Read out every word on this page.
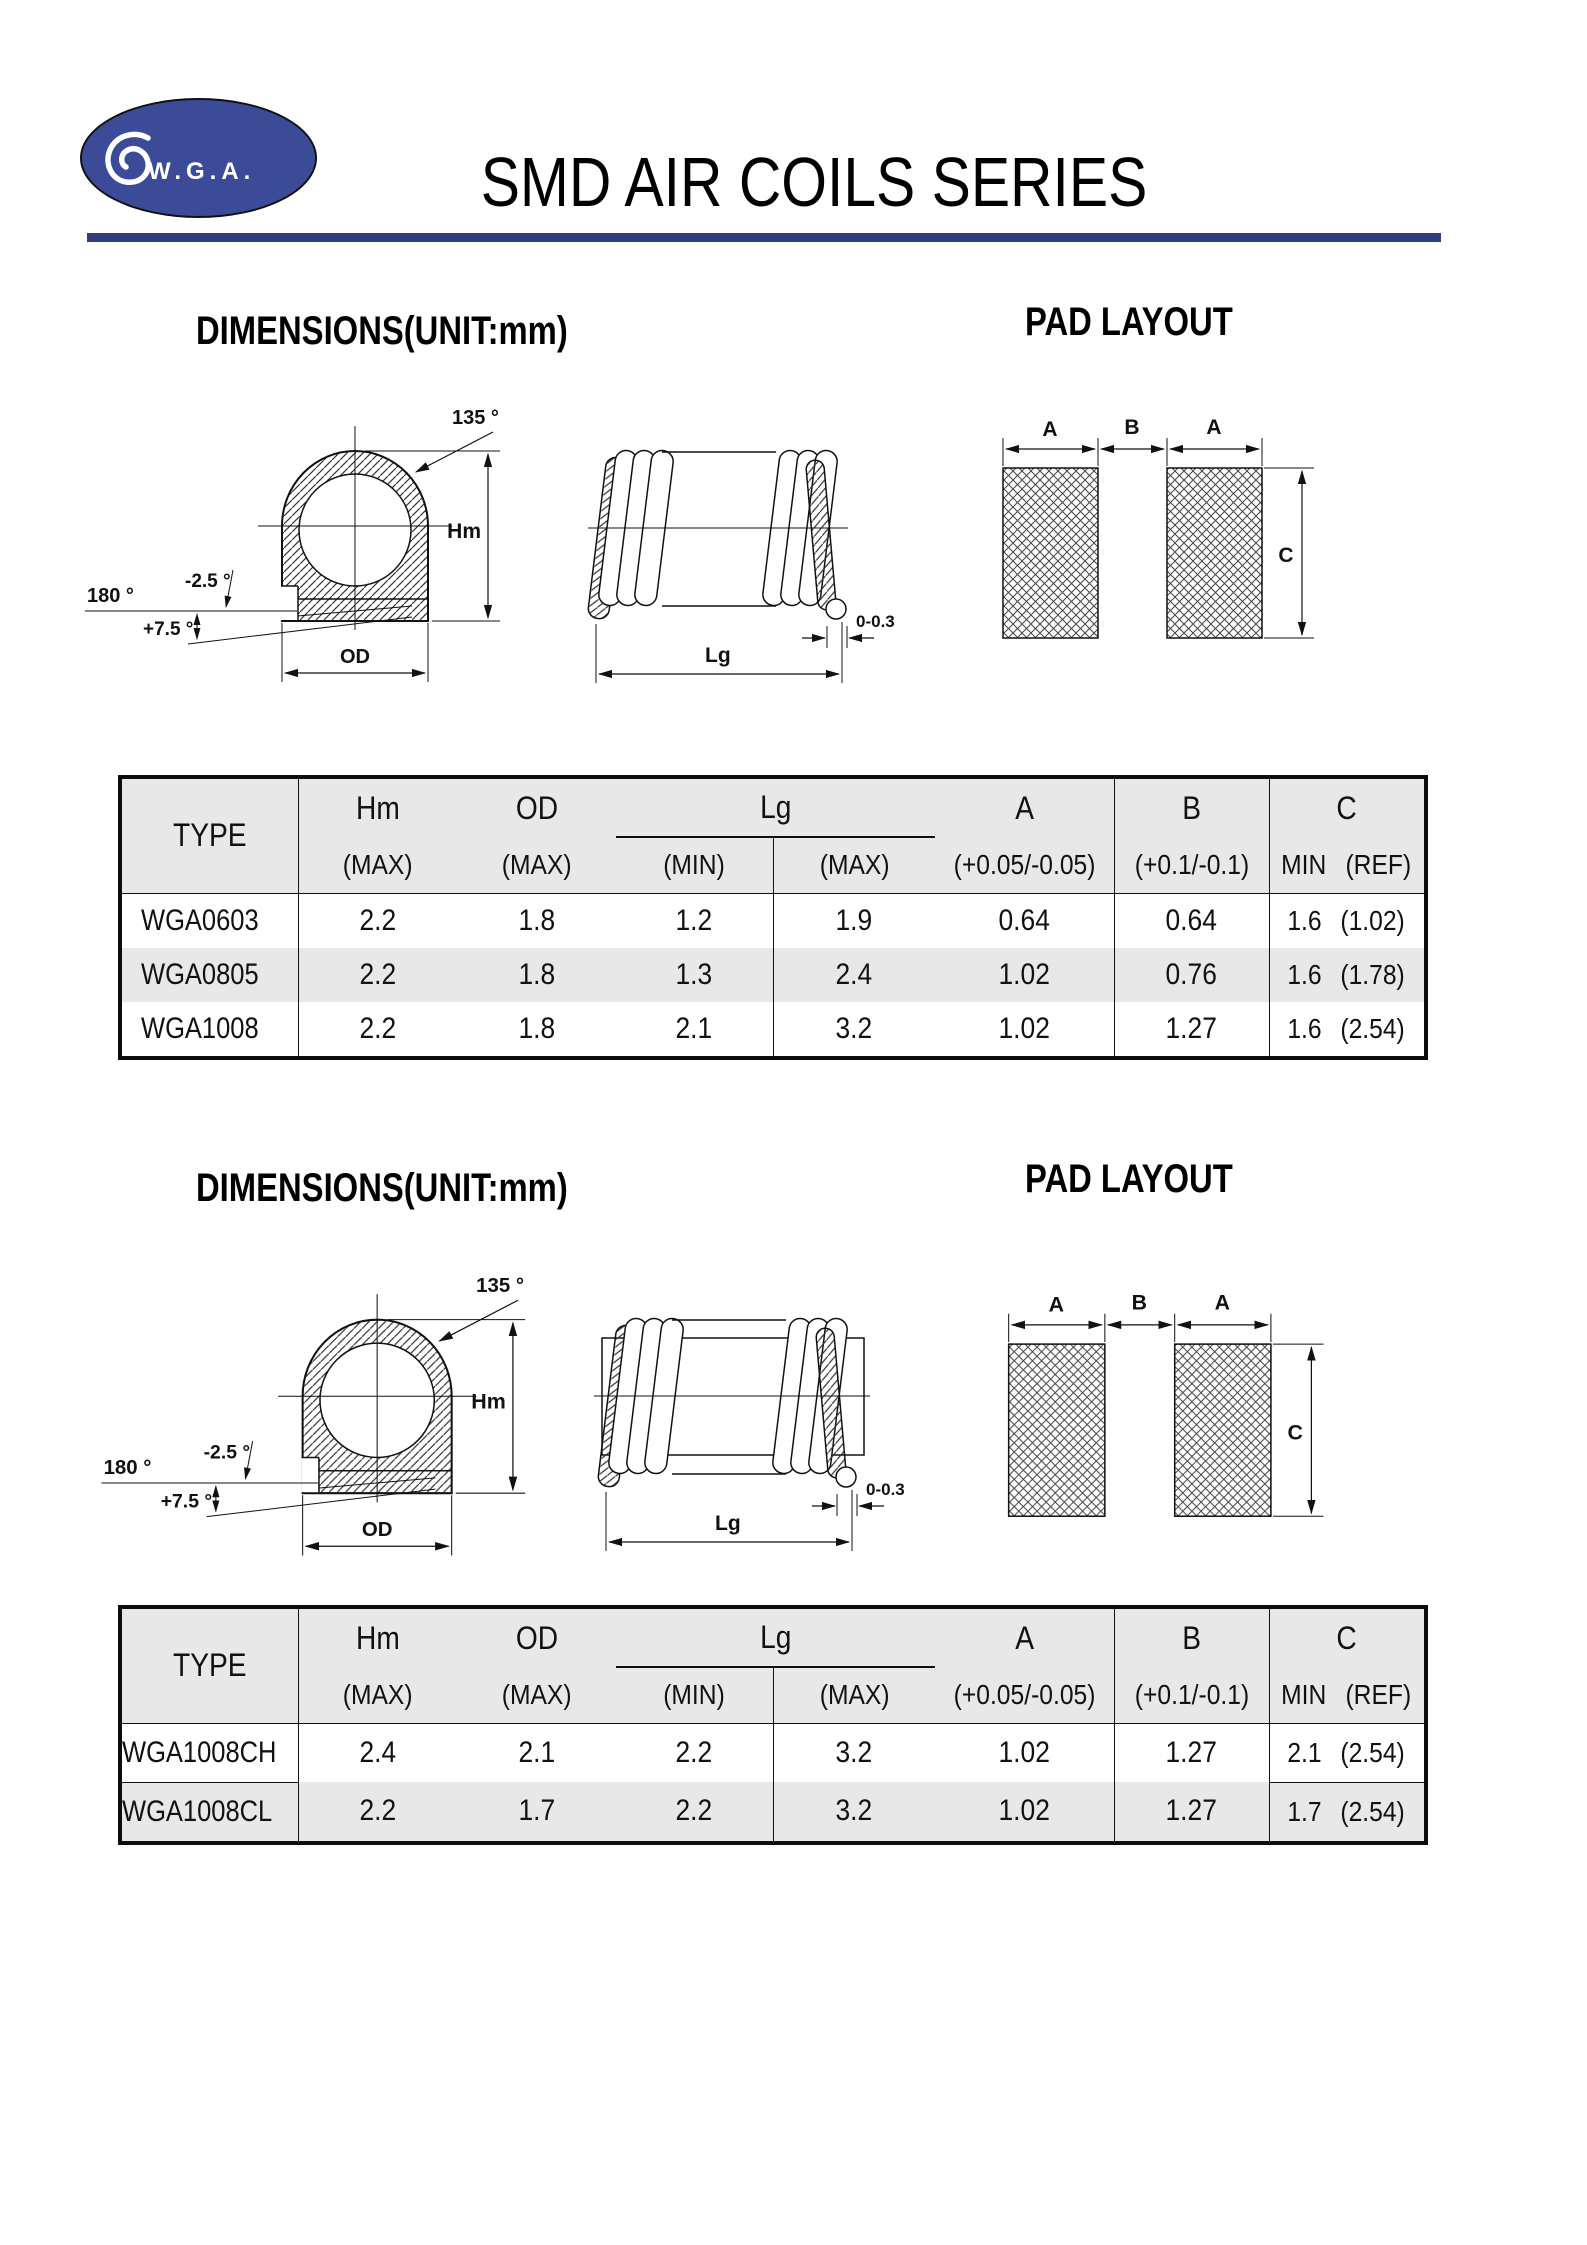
W.G.A.	SMD AIR COILS SERIES
DIMENSIONS(UNIT:mm)	PAD LAYOUT
Hm
135 °
180 °
-2.5 °
+7.5 °
OD	Lg
0-0.3
A	B	A
C
TYPE	Hm	OD	Lg		A	B	C
	(MAX)	(MAX)	(MIN)	(MAX)	(+0.05/-0.05)	(+0.1/-0.1)	MIN (REF)

WGA0603	2.2	1.8	1.2	1.9	0.64	0.64	1.6 (1.02)

WGA0805	2.2	1.8	1.3	2.4	1.02	0.76	1.6 (1.78)

WGA1008	2.2	1.8	2.1	3.2	1.02	1.27	1.6 (2.54)
DIMENSIONS(UNIT:mm)	PAD LAYOUT
Hm
135 °
180 °
-2.5 °
+7.5 °
OD	Lg
0-0.3
A	B	A
C
TYPE	Hm	OD	Lg		A	B	C
	(MAX)	(MAX)	(MIN)	(MAX)	(+0.05/-0.05)	(+0.1/-0.1)	MIN (REF)

WGA1008CH	2.4	2.1	2.2	3.2	1.02	1.27	2.1 (2.54)

WGA1008CL	2.2	1.7	2.2	3.2	1.02	1.27	1.7 (2.54)
